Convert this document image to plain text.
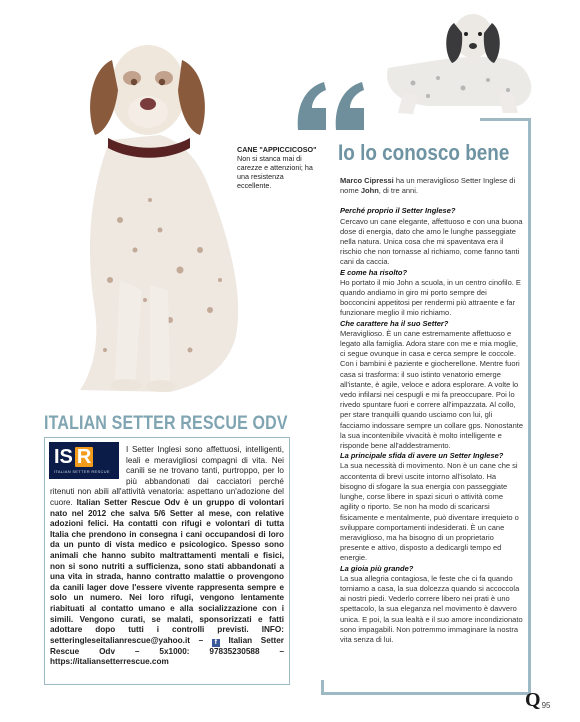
CANE "APPICCICOSO"
Non si stanca mai di carezze e attenzioni; ha una resistenza eccellente.
ITALIAN SETTER RESCUE ODV
IS R
ITALIAN SETTER RESCUE
I Setter Inglesi sono affettuosi, intelligenti, leali e meravigliosi compagni di vita. Nei canili se ne trovano tanti, purtroppo, per lo più abbandonati dai cacciatori perché ritenuti non abili all'attività venatoria: aspettano un'adozione del cuore. Italian Setter Rescue Odv è un gruppo di volontari nato nel 2012 che salva 5/6 Setter al mese, con relative adozioni felici. Ha contatti con rifugi e volontari di tutta Italia che prendono in consegna i cani occupandosi di loro da un punto di vista medico e psicologico. Spesso sono animali che hanno subito maltrattamenti mentali e fisici, non si sono nutriti a sufficienza, sono stati abbandonati a una vita in strada, hanno contratto malattie o provengono da canili lager dove l'essere vivente rappresenta sempre e solo un numero. Nei loro rifugi, vengono lentamente riabituati al contatto umano e alla socializzazione con i simili. Vengono curati, se malati, sponsorizzati e fatti adottare dopo tutti i controlli previsti. INFO: setteringleseitalianrescue@yahoo.it – f Italian Setter Rescue Odv – 5x1000: 97835230588 – https://italiansetterrescue.com
Io lo conosco bene

Marco Cipressi ha un meraviglioso Setter Inglese di nome John, di tre anni.

Perché proprio il Setter Inglese?

Cercavo un cane elegante, affettuoso e con una buona dose di energia, dato che amo le lunghe passeggiate nella natura. Unica cosa che mi spaventava era il rischio che non tornasse al richiamo, come fanno tanti cani da caccia.

E come ha risolto?

Ho portato il mio John a scuola, in un centro cinofilo. E quando andiamo in giro mi porto sempre dei bocconcini appetitosi per rendermi più attraente e far funzionare meglio il mio richiamo.

Che carattere ha il suo Setter?

Meraviglioso. È un cane estremamente affettuoso e legato alla famiglia. Adora stare con me e mia moglie, ci segue ovunque in casa e cerca sempre le coccole. Con i bambini è paziente e giocherellone. Mentre fuori casa si trasforma: il suo istinto venatorio emerge all'istante, è agile, veloce e adora esplorare. A volte lo vedo infilarsi nei cespugli e mi fa preoccupare. Poi lo rivedo spuntare fuori e correre all'impazzata. Al collo, per stare tranquilli quando usciamo con lui, gli facciamo indossare sempre un collare gps. Nonostante la sua incontenibile vivacità è molto intelligente e risponde bene all'addestramento.

La principale sfida di avere un Setter Inglese?

La sua necessità di movimento. Non è un cane che si accontenta di brevi uscite intorno all'isolato. Ha bisogno di sfogare la sua energia con passeggiate lunghe, corse libere in spazi sicuri o attività come agility o riporto. Se non ha modo di scaricarsi fisicamente e mentalmente, può diventare irrequieto o sviluppare comportamenti indesiderati. È un cane meraviglioso, ma ha bisogno di un proprietario presente e attivo, disposto a dedicargli tempo ed energie.

La gioia più grande?

La sua allegria contagiosa, le feste che ci fa quando torniamo a casa, la sua dolcezza quando si accoccola ai nostri piedi. Vederlo correre libero nei prati è uno spettacolo, la sua eleganza nel movimento è davvero unica. E poi, la sua lealtà e il suo amore incondizionato sono impagabili. Non potremmo immaginare la nostra vita senza di lui.

Q 95
